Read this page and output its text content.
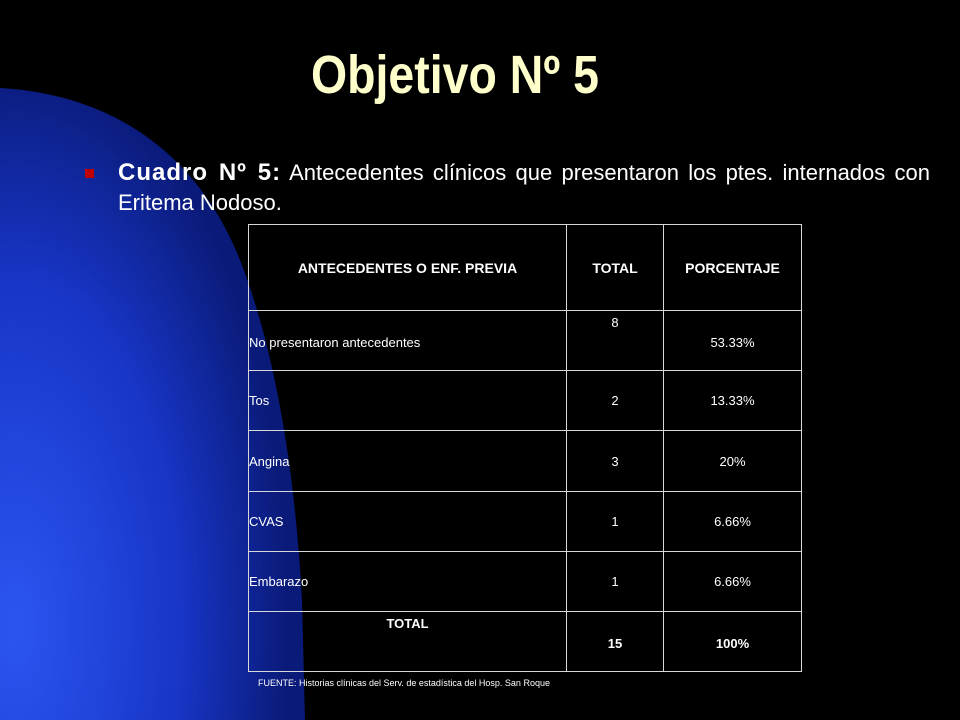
Objetivo Nº 5
Cuadro Nº 5: Antecedentes clínicos que presentaron los ptes. internados con Eritema Nodoso.
ANTECEDENTES O ENF. PREVIA	TOTAL	PORCENTAJE
No presentaron antecedentes	8	53.33%
Tos	2	13.33%
Angina	3	20%
CVAS	1	6.66%
Embarazo	1	6.66%
TOTAL	15	100%
FUENTE: Historias clínicas del Serv. de estadística del Hosp. San Roque
